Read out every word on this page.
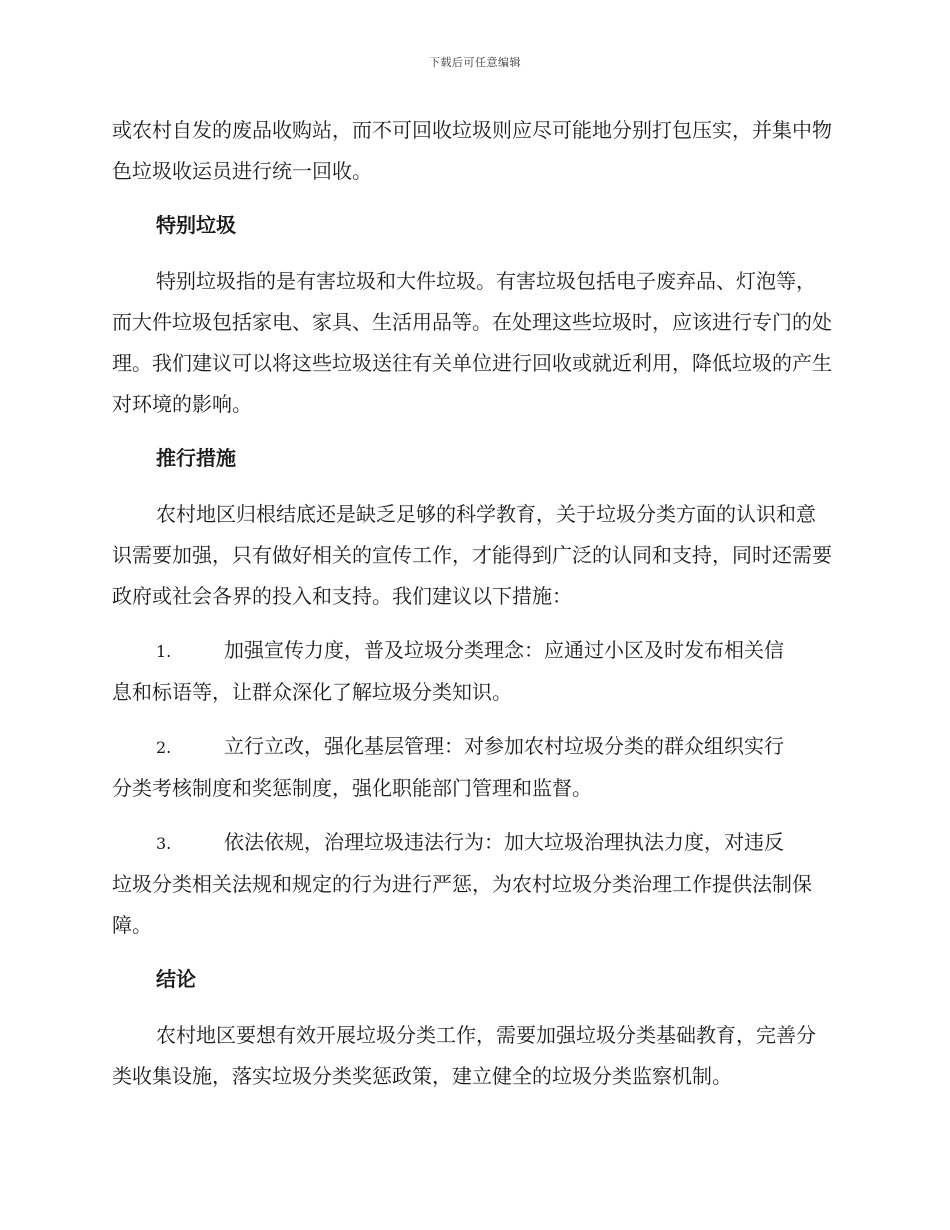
下载后可任意编辑

或农村自发的废品收购站，而不可回收垃圾则应尽可能地分别打包压实，并集中物色垃圾收运员进行统一回收。

特别垃圾

特别垃圾指的是有害垃圾和大件垃圾。有害垃圾包括电子废弃品、灯泡等，而大件垃圾包括家电、家具、生活用品等。在处理这些垃圾时，应该进行专门的处理。我们建议可以将这些垃圾送往有关单位进行回收或就近利用，降低垃圾的产生对环境的影响。

推行措施

农村地区归根结底还是缺乏足够的科学教育，关于垃圾分类方面的认识和意识需要加强，只有做好相关的宣传工作，才能得到广泛的认同和支持，同时还需要政府或社会各界的投入和支持。我们建议以下措施：

1.	加强宣传力度，普及垃圾分类理念：应通过小区及时发布相关信

息和标语等，让群众深化了解垃圾分类知识。

2.	立行立改，强化基层管理：对参加农村垃圾分类的群众组织实行

分类考核制度和奖惩制度，强化职能部门管理和监督。

3.	依法依规，治理垃圾违法行为：加大垃圾治理执法力度，对违反

垃圾分类相关法规和规定的行为进行严惩，为农村垃圾分类治理工作提供法制保障。

结论

农村地区要想有效开展垃圾分类工作，需要加强垃圾分类基础教育，完善分类收集设施，落实垃圾分类奖惩政策，建立健全的垃圾分类监察机制。
